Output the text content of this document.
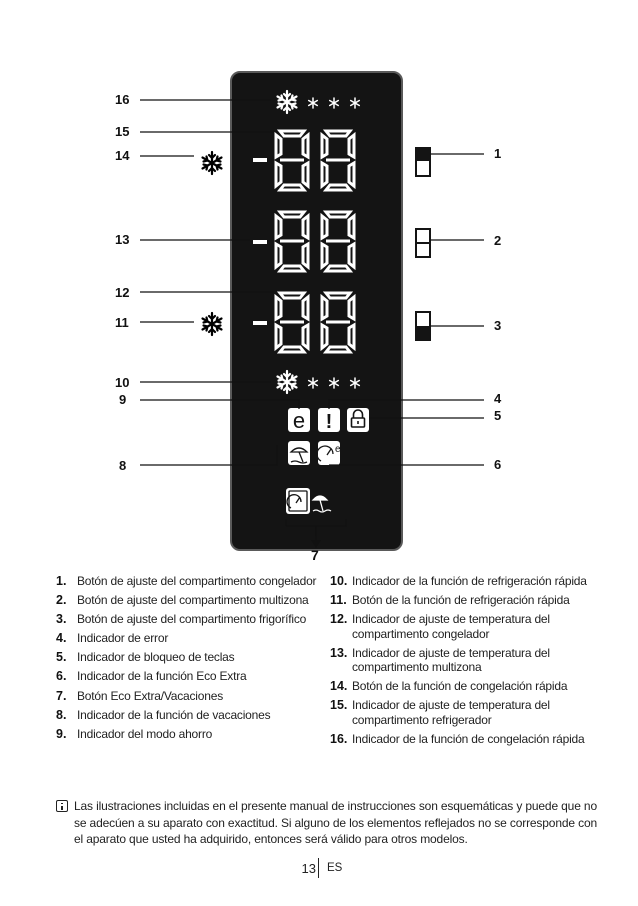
e !
e
16
15
14
13
12
11
10
9
8
7
1
2
3
4
5
6
1. Botón de ajuste del compartimento congelador
2. Botón de ajuste del compartimento multizona
3. Botón de ajuste del compartimento frigorífico
4. Indicador de error
5. Indicador de bloqueo de teclas
6. Indicador de la función Eco Extra
7. Botón Eco Extra/Vacaciones
8. Indicador de la función de vacaciones
9. Indicador del modo ahorro
10. Indicador de la función de refrigeración rápida
11. Botón de la función de refrigeración rápida
12. Indicador de ajuste de temperatura del compartimento congelador
13. Indicador de ajuste de temperatura del compartimento multizona
14. Botón de la función de congelación rápida
15. Indicador de ajuste de temperatura del compartimento refrigerador
16. Indicador de la función de congelación rápida
Las ilustraciones incluidas en el presente manual de instrucciones son esquemáticas y puede que no se adecúen a su aparato con exactitud. Si alguno de los elementos reflejados no se corresponde con el aparato que usted ha adquirido, entonces será válido para otros modelos.
13 ES
